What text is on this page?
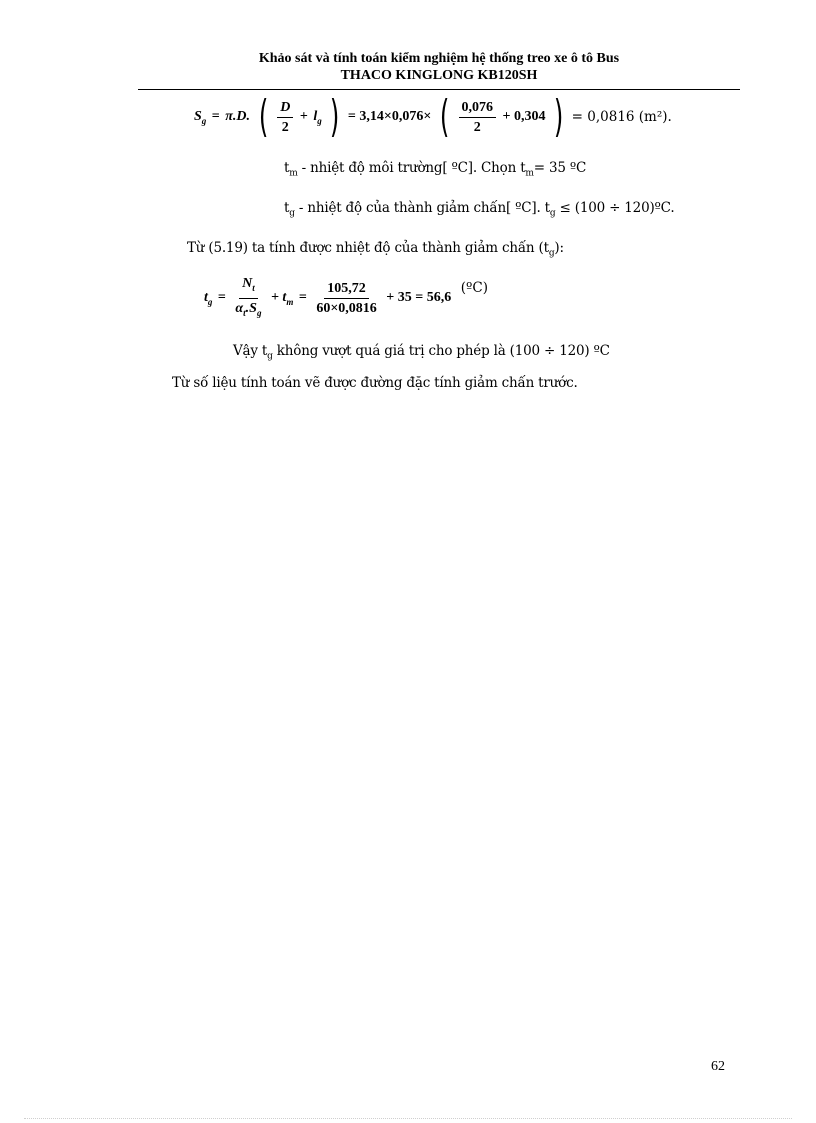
Khảo sát và tính toán kiểm nghiệm hệ thống treo xe ô tô Bus
THACO KINGLONG KB120SH
$S_g = \pi.D$. ( $\frac{D}{2} + l_g$ ) = 3,14×0,076× ( $\frac{0,076}{2} + 0,304$ ) = 0,0816 (m²).
$t_m$ - nhiệt độ môi trường[ ºC]. Chọn $t_m= 35$ ºC
$t_g$ - nhiệt độ của thành giảm chấn[ ºC]. $t_g \le (100$ ÷ 120)ºC.
Từ (5.19) ta tính được nhiệt độ của thành giảm chấn $(t_g)$:
$t_g = \frac{N_t}{\alpha_t.S_g} + t_m = \frac{105,72}{60\times 0,0816} + 35 = 56,6$ (ºC)
Vậy $t_g$ không vượt quá giá trị cho phép là (100 ÷ 120) ºC
Từ số liệu tính toán vẽ được đường đặc tính giảm chấn trước.
62
